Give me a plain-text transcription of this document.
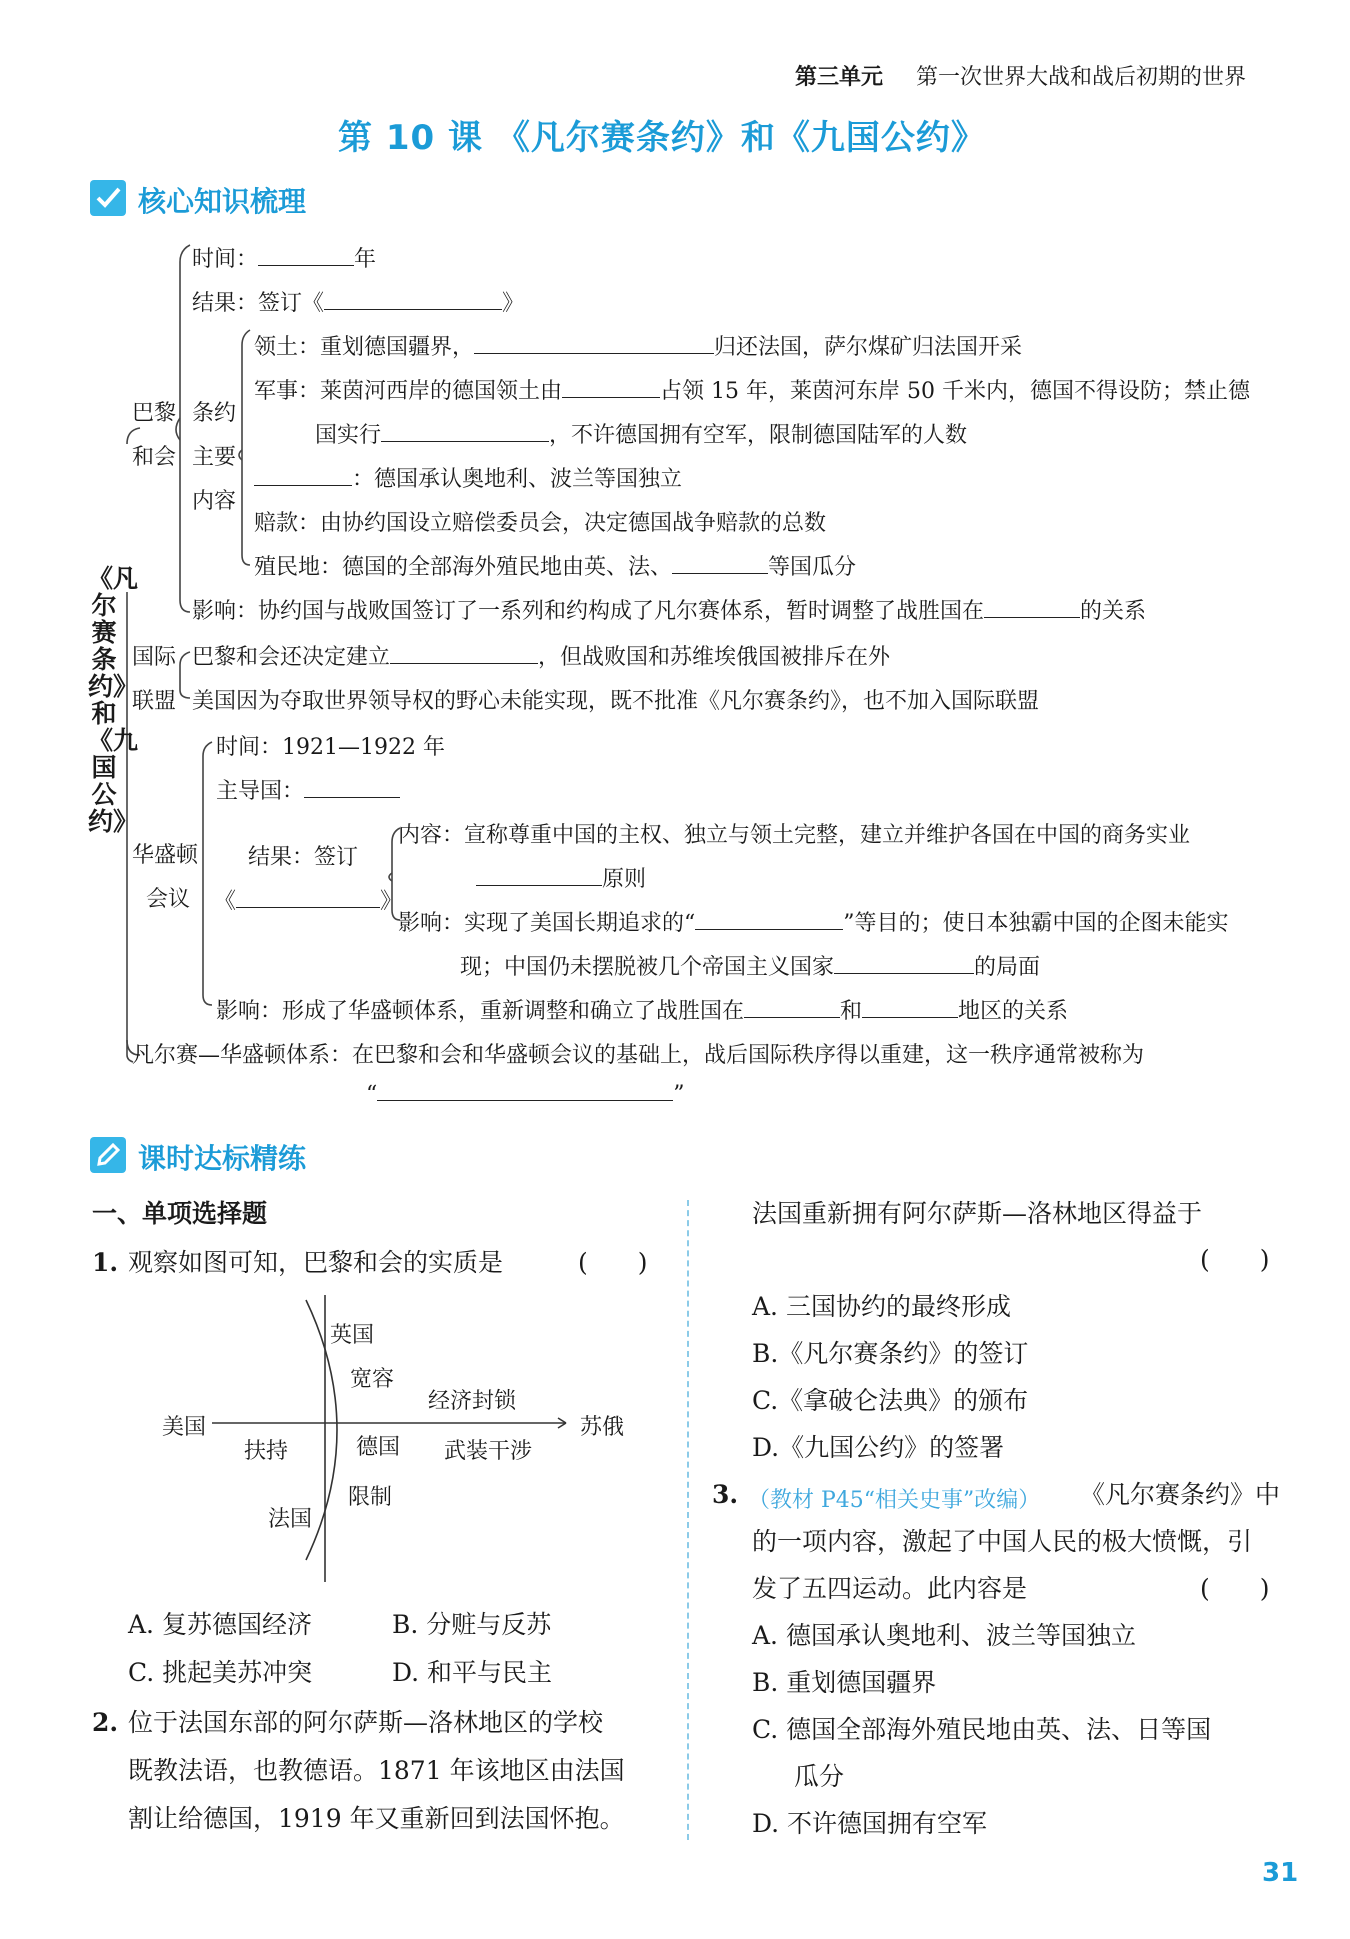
第三单元 第一次世界大战和战后初期的世界
第 10 课 《凡尔赛条约》和《九国公约》
核心知识梳理
《凡尔赛条约》和《九国公约》
巴黎
和会
条约
主要
内容
时间：	年
结果：签订《	》
领土：重划德国疆界，	归还法国，萨尔煤矿归法国开采
军事：莱茵河西岸的德国领土由	占领 15 年，莱茵河东岸 50 千米内，德国不得设防；禁止德
国实行	，不许德国拥有空军，限制德国陆军的人数
：德国承认奥地利、波兰等国独立
赔款：由协约国设立赔偿委员会，决定德国战争赔款的总数
殖民地：德国的全部海外殖民地由英、法、	等国瓜分
影响：协约国与战败国签订了一系列和约构成了凡尔赛体系，暂时调整了战胜国在	的关系
国际
联盟
巴黎和会还决定建立	，但战败国和苏维埃俄国被排斥在外
美国因为夺取世界领导权的野心未能实现，既不批准《凡尔赛条约》，也不加入国际联盟
华盛顿
会议
时间：1921—1922 年
主导国：
结果：签订
《	》
内容：宣称尊重中国的主权、独立与领土完整，建立并维护各国在中国的商务实业
原则
影响：实现了美国长期追求的“	”等目的；使日本独霸中国的企图未能实
现；中国仍未摆脱被几个帝国主义国家	的局面
影响：形成了华盛顿体系，重新调整和确立了战胜国在	和	地区的关系
凡尔赛—华盛顿体系：在巴黎和会和华盛顿会议的基础上，战后国际秩序得以重建，这一秩序通常被称为
“	”
课时达标精练
一、单项选择题
1. 观察如图可知，巴黎和会的实质是	(　　)
英国
宽容
经济封锁
美国	苏俄
扶持	德国 武装干涉
限制
法国
A. 复苏德国经济	B. 分赃与反苏
C. 挑起美苏冲突	D. 和平与民主
2. 位于法国东部的阿尔萨斯—洛林地区的学校
既教法语，也教德语。1871 年该地区由法国
割让给德国，1919 年又重新回到法国怀抱。
法国重新拥有阿尔萨斯—洛林地区得益于
(　　)
A. 三国协约的最终形成
B.《凡尔赛条约》的签订
C.《拿破仑法典》的颁布
D.《九国公约》的签署
3. （教材 P45“相关史事”改编） 《凡尔赛条约》中
的一项内容，激起了中国人民的极大愤慨，引
发了五四运动。此内容是	(　　)
A. 德国承认奥地利、波兰等国独立
B. 重划德国疆界
C. 德国全部海外殖民地由英、法、日等国
瓜分
D. 不许德国拥有空军
31
